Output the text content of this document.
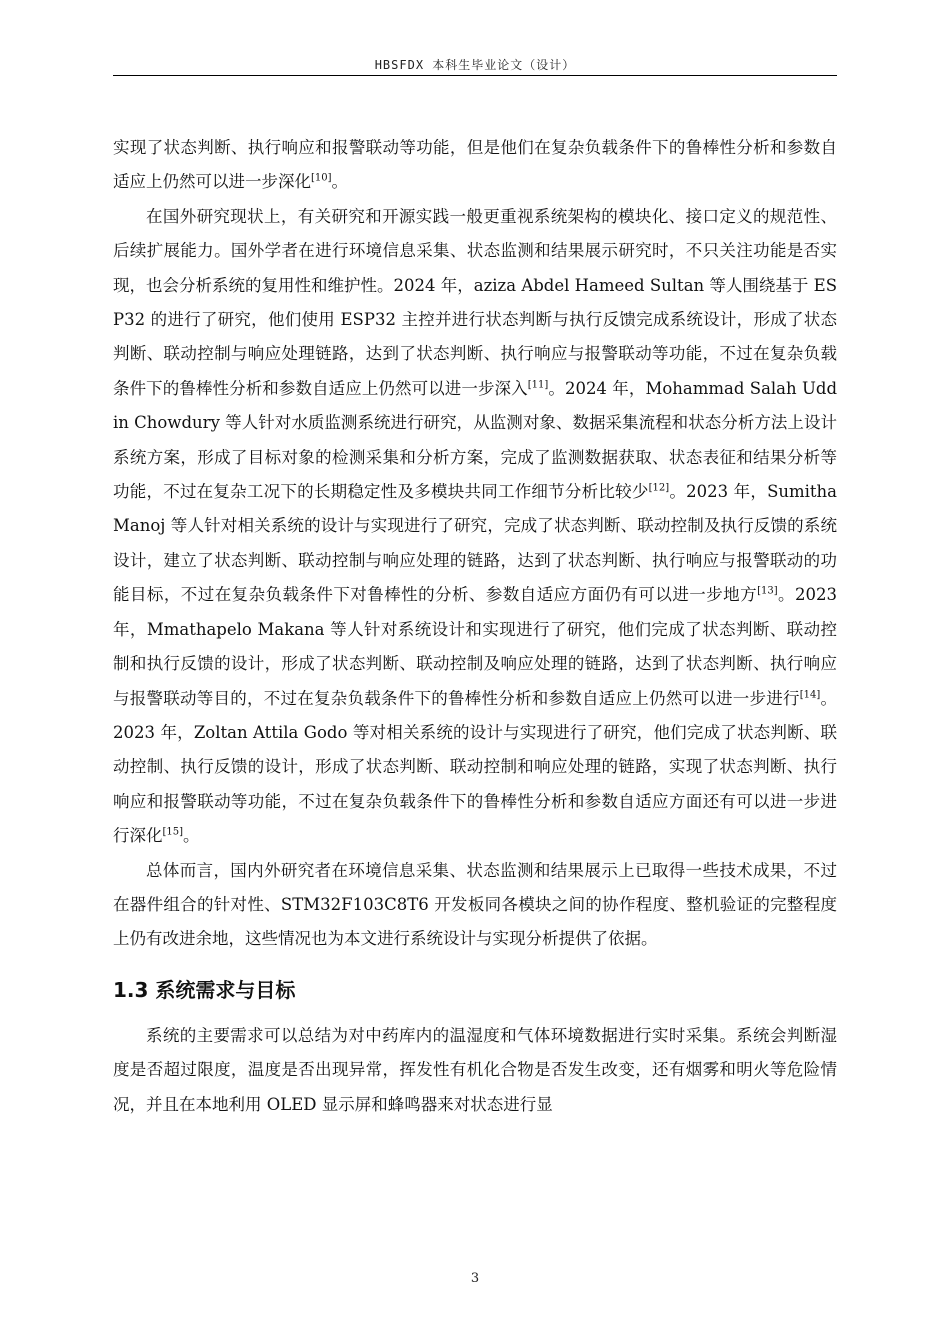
HBSFDX 本科生毕业论文（设计）

实现了状态判断、执行响应和报警联动等功能，但是他们在复杂负载条件下的鲁棒性分析和参数自适应上仍然可以进一步深化[10]。

在国外研究现状上，有关研究和开源实践一般更重视系统架构的模块化、接口定义的规范性、后续扩展能力。国外学者在进行环境信息采集、状态监测和结果展示研究时，不只关注功能是否实现，也会分析系统的复用性和维护性。2024 年，aziza Abdel Hameed Sultan 等人围绕基于 ESP32 的进行了研究，他们使用 ESP32 主控并进行状态判断与执行反馈完成系统设计，形成了状态判断、联动控制与响应处理链路，达到了状态判断、执行响应与报警联动等功能，不过在复杂负载条件下的鲁棒性分析和参数自适应上仍然可以进一步深入[11]。2024 年，Mohammad Salah Uddin Chowdury 等人针对水质监测系统进行研究，从监测对象、数据采集流程和状态分析方法上设计系统方案，形成了目标对象的检测采集和分析方案，完成了监测数据获取、状态表征和结果分析等功能，不过在复杂工况下的长期稳定性及多模块共同工作细节分析比较少[12]。2023 年，Sumitha Manoj 等人针对相关系统的设计与实现进行了研究，完成了状态判断、联动控制及执行反馈的系统设计，建立了状态判断、联动控制与响应处理的链路，达到了状态判断、执行响应与报警联动的功能目标，不过在复杂负载条件下对鲁棒性的分析、参数自适应方面仍有可以进一步地方[13]。2023 年，Mmathapelo Makana 等人针对系统设计和实现进行了研究，他们完成了状态判断、联动控制和执行反馈的设计，形成了状态判断、联动控制及响应处理的链路，达到了状态判断、执行响应与报警联动等目的，不过在复杂负载条件下的鲁棒性分析和参数自适应上仍然可以进一步进行[14]。2023 年，Zoltan Attila Godo 等对相关系统的设计与实现进行了研究，他们完成了状态判断、联动控制、执行反馈的设计，形成了状态判断、联动控制和响应处理的链路，实现了状态判断、执行响应和报警联动等功能，不过在复杂负载条件下的鲁棒性分析和参数自适应方面还有可以进一步进行深化[15]。

总体而言，国内外研究者在环境信息采集、状态监测和结果展示上已取得一些技术成果，不过在器件组合的针对性、STM32F103C8T6 开发板同各模块之间的协作程度、整机验证的完整程度上仍有改进余地，这些情况也为本文进行系统设计与实现分析提供了依据。

1.3 系统需求与目标

系统的主要需求可以总结为对中药库内的温湿度和气体环境数据进行实时采集。系统会判断湿度是否超过限度，温度是否出现异常，挥发性有机化合物是否发生改变，还有烟雾和明火等危险情况，并且在本地利用 OLED 显示屏和蜂鸣器来对状态进行显

3
